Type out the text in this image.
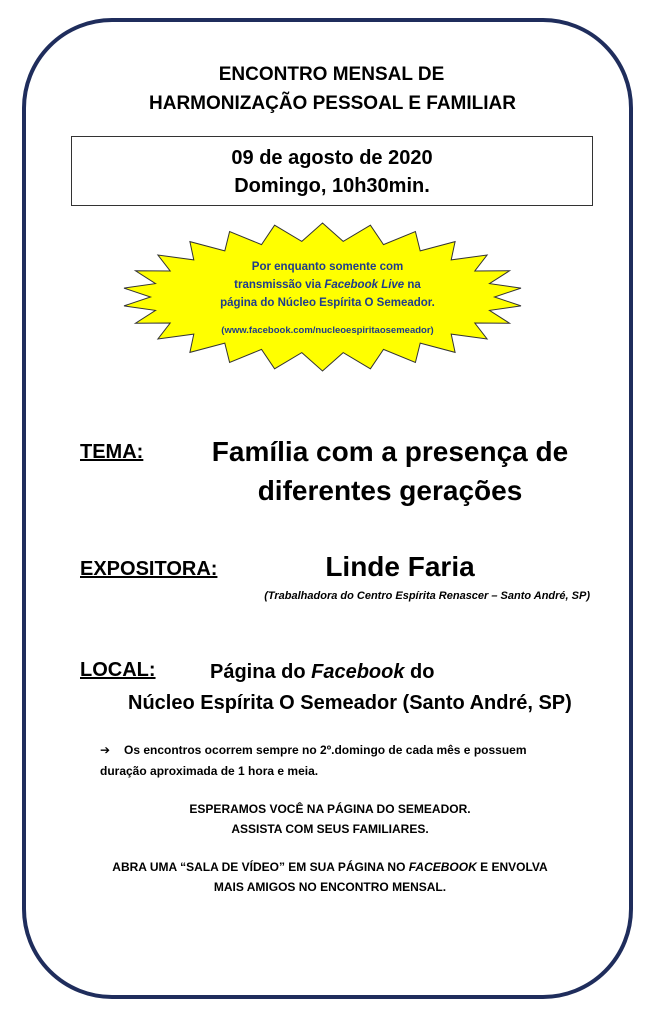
ENCONTRO MENSAL DE
HARMONIZAÇÃO PESSOAL E FAMILIAR
09 de agosto de 2020
Domingo, 10h30min.
Por enquanto somente com
transmissão via Facebook Live na
página do Núcleo Espírita O Semeador.
(www.facebook.com/nucleoespiritaosemeador)
TEMA:	Família com a presença de
diferentes gerações
EXPOSITORA:	Linde Faria
(Trabalhadora do Centro Espírita Renascer – Santo André, SP)
LOCAL:	Página do Facebook do
Núcleo Espírita O Semeador (Santo André, SP)
➔ Os encontros ocorrem sempre no 2º.domingo de cada mês e possuem
duração aproximada de 1 hora e meia.
ESPERAMOS VOCÊ NA PÁGINA DO SEMEADOR.
ASSISTA COM SEUS FAMILIARES.
ABRA UMA “SALA DE VÍDEO” EM SUA PÁGINA NO FACEBOOK E ENVOLVA
MAIS AMIGOS NO ENCONTRO MENSAL.
